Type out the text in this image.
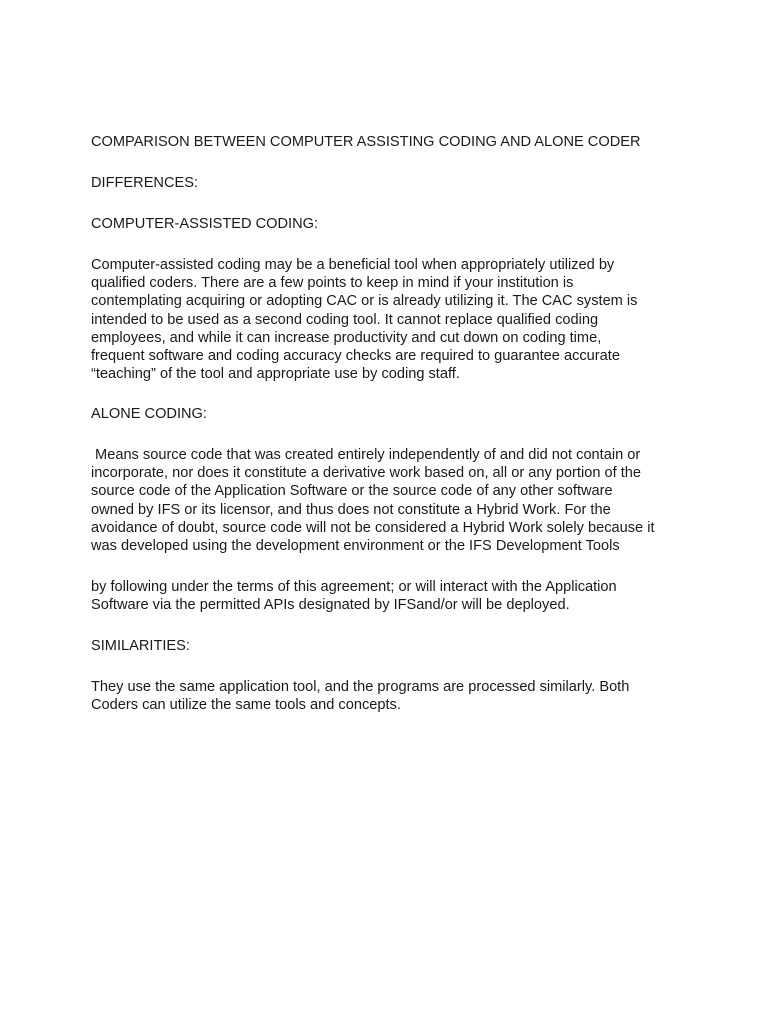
COMPARISON BETWEEN COMPUTER ASSISTING CODING AND ALONE CODER

DIFFERENCES:

COMPUTER-ASSISTED CODING:

Computer-assisted coding may be a beneficial tool when appropriately utilized by
qualified coders. There are a few points to keep in mind if your institution is
contemplating acquiring or adopting CAC or is already utilizing it. The CAC system is
intended to be used as a second coding tool. It cannot replace qualified coding
employees, and while it can increase productivity and cut down on coding time,
frequent software and coding accuracy checks are required to guarantee accurate
“teaching” of the tool and appropriate use by coding staff.

ALONE CODING:

Means source code that was created entirely independently of and did not contain or
incorporate, nor does it constitute a derivative work based on, all or any portion of the
source code of the Application Software or the source code of any other software
owned by IFS or its licensor, and thus does not constitute a Hybrid Work. For the
avoidance of doubt, source code will not be considered a Hybrid Work solely because it
was developed using the development environment or the IFS Development Tools

by following under the terms of this agreement; or will interact with the Application
Software via the permitted APIs designated by IFSand/or will be deployed.

SIMILARITIES:

They use the same application tool, and the programs are processed similarly. Both
Coders can utilize the same tools and concepts.
